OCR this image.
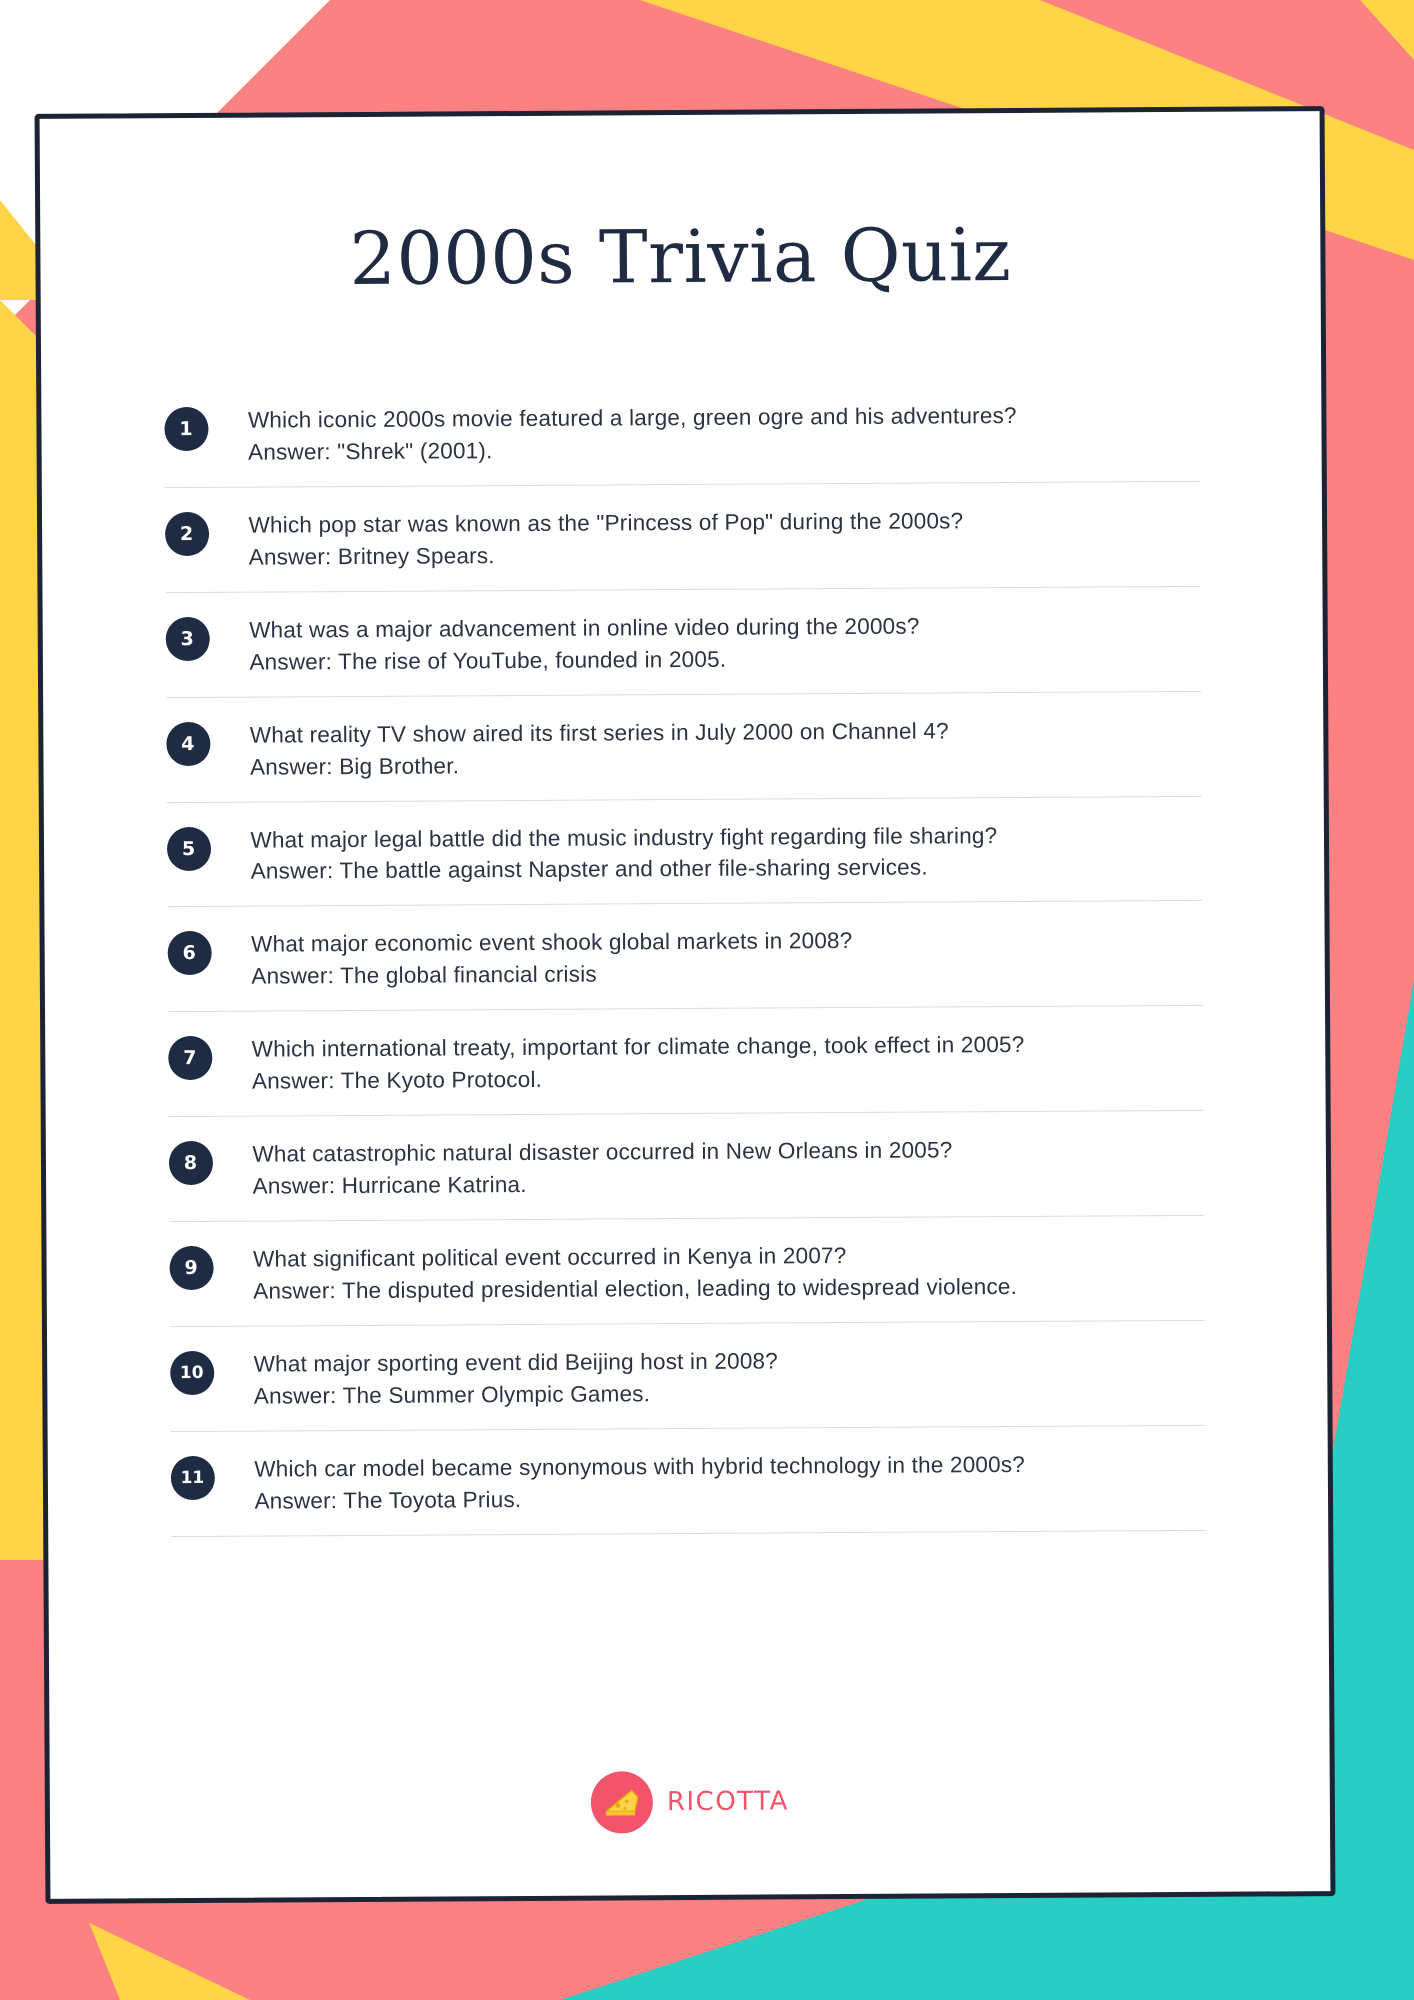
2000s Trivia Quiz
1	Which iconic 2000s movie featured a large, green ogre and his adventures?
Answer: "Shrek" (2001).
2	Which pop star was known as the "Princess of Pop" during the 2000s?
Answer: Britney Spears.
3	What was a major advancement in online video during the 2000s?
Answer: The rise of YouTube, founded in 2005.
4	What reality TV show aired its first series in July 2000 on Channel 4?
Answer: Big Brother.
5	What major legal battle did the music industry fight regarding file sharing?
Answer: The battle against Napster and other file-sharing services.
6	What major economic event shook global markets in 2008?
Answer: The global financial crisis
7	Which international treaty, important for climate change, took effect in 2005?
Answer: The Kyoto Protocol.
8	What catastrophic natural disaster occurred in New Orleans in 2005?
Answer: Hurricane Katrina.
9	What significant political event occurred in Kenya in 2007?
Answer: The disputed presidential election, leading to widespread violence.
10	What major sporting event did Beijing host in 2008?
Answer: The Summer Olympic Games.
11	Which car model became synonymous with hybrid technology in the 2000s?
Answer: The Toyota Prius.
RICOTTA
